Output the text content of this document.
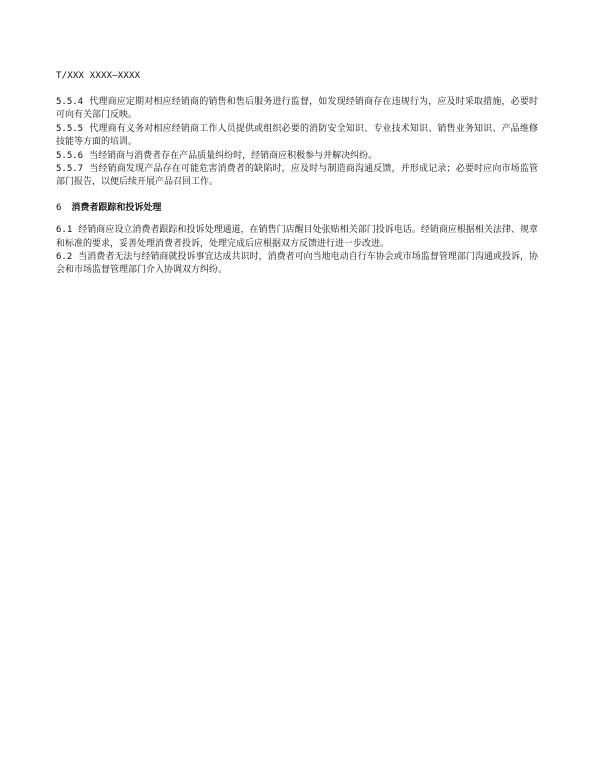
T/XXX XXXX—XXXX

5.5.4 代理商应定期对相应经销商的销售和售后服务进行监督，如发现经销商存在违规行为，应及时采取措施，必要时可向有关部门反映。

5.5.5 代理商有义务对相应经销商工作人员提供或组织必要的消防安全知识、专业技术知识、销售业务知识、产品维修技能等方面的培训。

5.5.6 当经销商与消费者存在产品质量纠纷时，经销商应积极参与并解决纠纷。

5.5.7 当经销商发现产品存在可能危害消费者的缺陷时，应及时与制造商沟通反馈，并形成记录；必要时应向市场监管部门报告，以便后续开展产品召回工作。

6 消费者跟踪和投诉处理

6.1 经销商应设立消费者跟踪和投诉处理通道，在销售门店醒目处张贴相关部门投诉电话。经销商应根据相关法律、规章和标准的要求，妥善处理消费者投诉，处理完成后应根据双方反馈进行进一步改进。

6.2 当消费者无法与经销商就投诉事宜达成共识时，消费者可向当地电动自行车协会或市场监督管理部门沟通或投诉，协会和市场监督管理部门介入协调双方纠纷。
